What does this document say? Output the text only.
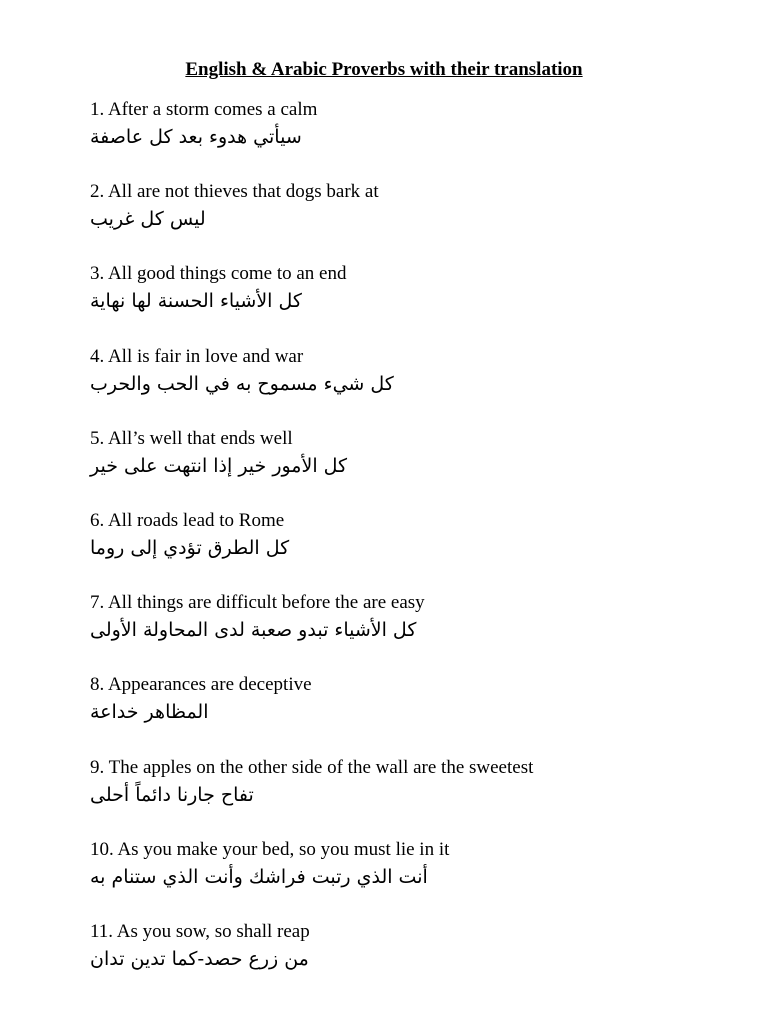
English & Arabic Proverbs with their translation
1. After a storm comes a calm
سيأتي هدوء بعد كل عاصفة
2. All are not thieves that dogs bark at
ليس كل غريب
3. All good things come to an end
كل الأشياء الحسنة لها نهاية
4. All is fair in love and war
كل شيء مسموح به في الحب والحرب
5. All’s well that ends well
كل الأمور خير إذا انتهت على خير
6. All roads lead to Rome
كل الطرق تؤدي إلى روما
7. All things are difficult before the are easy
كل الأشياء تبدو صعبة لدى المحاولة الأولى
8. Appearances are deceptive
المظاهر خداعة
9. The apples on the other side of the wall are the sweetest
تفاح جارنا دائماً أحلى
10. As you make your bed, so you must lie in it
أنت الذي رتبت فراشك وأنت الذي ستنام به
11. As you sow, so shall reap
من زرع حصد-كما تدين تدان
